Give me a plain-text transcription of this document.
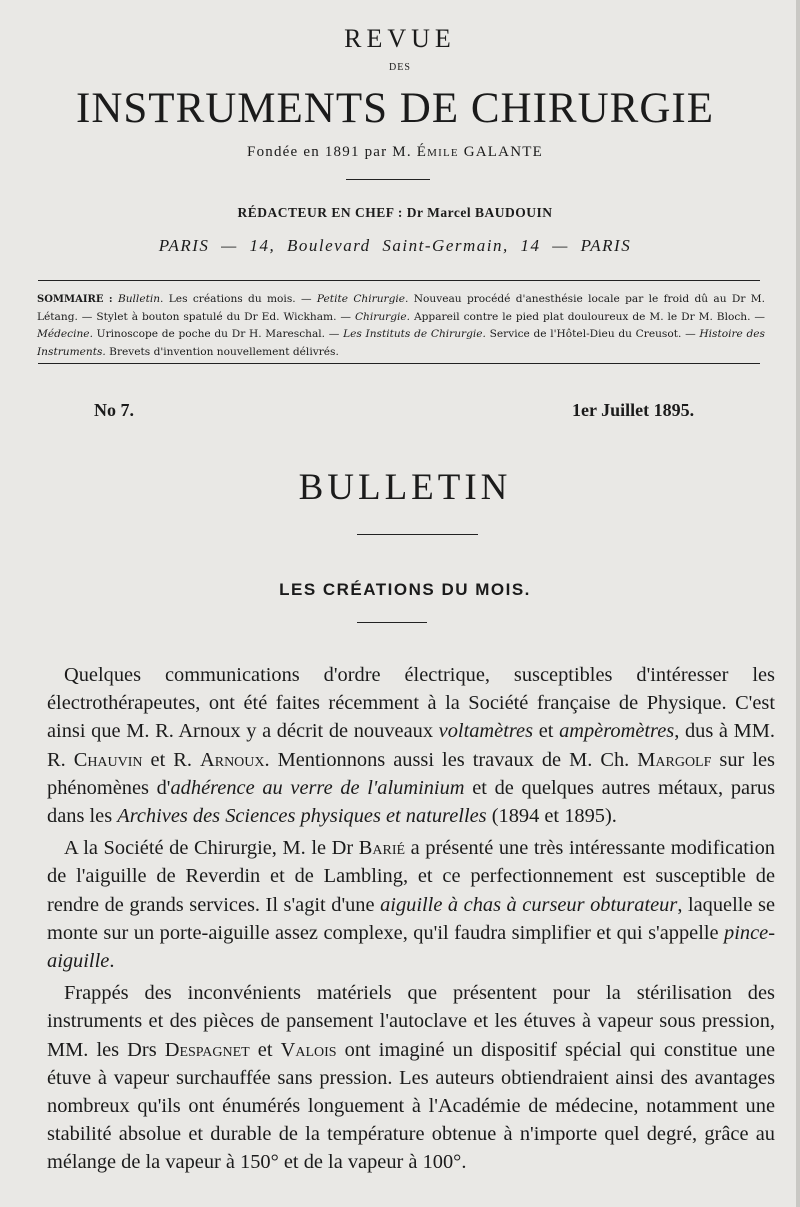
REVUE
DES
INSTRUMENTS DE CHIRURGIE
Fondée en 1891 par M. Émile GALANTE
RÉDACTEUR EN CHEF : Dr Marcel BAUDOUIN
PARIS — 14, Boulevard Saint-Germain, 14 — PARIS
SOMMAIRE : Bulletin. Les créations du mois. — Petite Chirurgie. Nouveau procédé d'anesthésie locale par le froid dû au Dr M. Létang. — Stylet à bouton spatulé du Dr Ed. Wickham. — Chirurgie. Appareil contre le pied plat douloureux de M. le Dr M. Bloch. — Médecine. Urinoscope de poche du Dr H. Mareschal. — Les Instituts de Chirurgie. Service de l'Hôtel-Dieu du Creusot. — Histoire des Instruments. Brevets d'invention nouvellement délivrés.
No 7.	1er Juillet 1895.
BULLETIN
LES CRÉATIONS DU MOIS.

Quelques communications d'ordre électrique, susceptibles d'intéresser les électrothérapeutes, ont été faites récemment à la Société française de Physique. C'est ainsi que M. R. Arnoux y a décrit de nouveaux voltamètres et ampèromètres, dus à MM. R. Chauvin et R. Arnoux. Mentionnons aussi les travaux de M. Ch. Margolf sur les phénomènes d'adhérence au verre de l'aluminium et de quelques autres métaux, parus dans les Archives des Sciences physiques et naturelles (1894 et 1895).

A la Société de Chirurgie, M. le Dr Barié a présenté une très intéressante modification de l'aiguille de Reverdin et de Lambling, et ce perfectionnement est susceptible de rendre de grands services. Il s'agit d'une aiguille à chas à curseur obturateur, laquelle se monte sur un porte-aiguille assez complexe, qu'il faudra simplifier et qui s'appelle pince-aiguille.

Frappés des inconvénients matériels que présentent pour la stérilisation des instruments et des pièces de pansement l'autoclave et les étuves à vapeur sous pression, MM. les Drs Despagnet et Valois ont imaginé un dispositif spécial qui constitue une étuve à vapeur surchauffée sans pression. Les auteurs obtiendraient ainsi des avantages nombreux qu'ils ont énumérés longuement à l'Académie de médecine, notamment une stabilité absolue et durable de la température obtenue à n'importe quel degré, grâce au mélange de la vapeur à 150° et de la vapeur à 100°.
